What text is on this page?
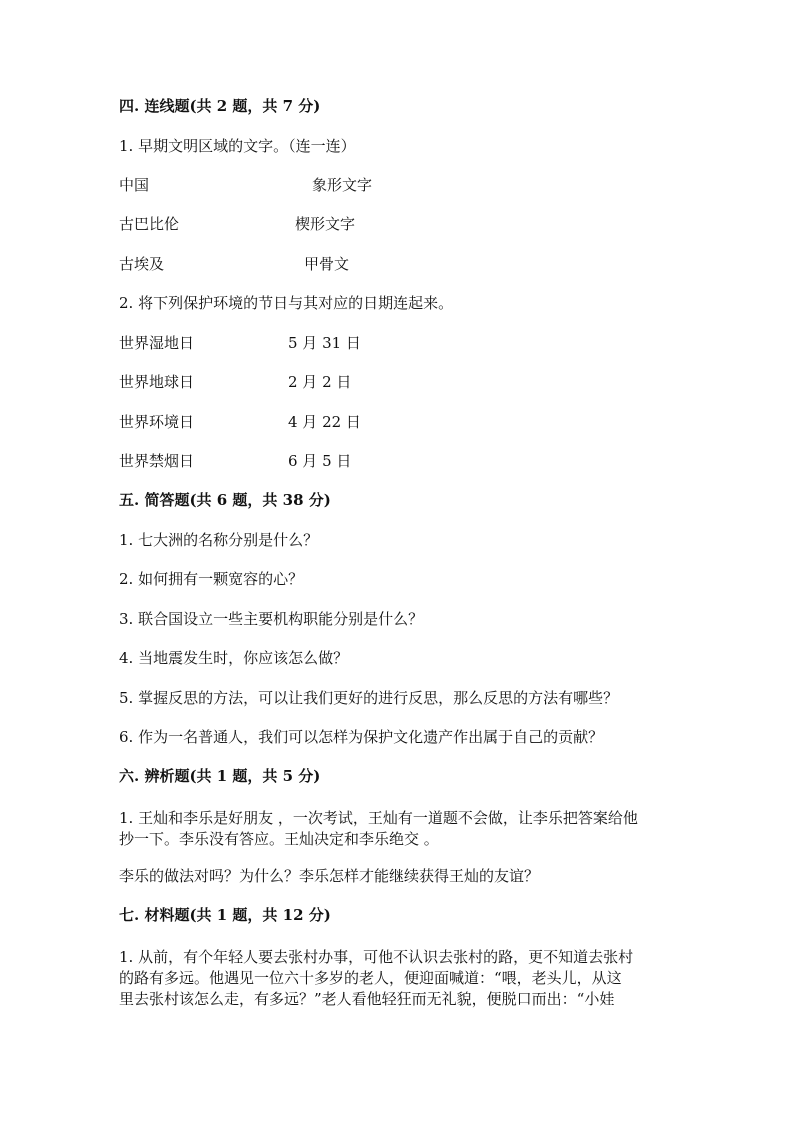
四. 连线题(共 2 题，共 7 分)
1. 早期文明区域的文字。（连一连）
中国	象形文字
古巴比伦	楔形文字
古埃及	甲骨文
2. 将下列保护环境的节日与其对应的日期连起来。
世界湿地日	5 月 31 日
世界地球日	2 月 2 日
世界环境日	4 月 22 日
世界禁烟日	6 月 5 日
五. 简答题(共 6 题，共 38 分)
1. 七大洲的名称分别是什么？
2. 如何拥有一颗宽容的心？
3. 联合国设立一些主要机构职能分别是什么？
4. 当地震发生时，你应该怎么做？
5. 掌握反思的方法，可以让我们更好的进行反思，那么反思的方法有哪些？
6. 作为一名普通人，我们可以怎样为保护文化遗产作出属于自己的贡献？
六. 辨析题(共 1 题，共 5 分)
1. 王灿和李乐是好朋友 ，一次考试，王灿有一道题不会做，让李乐把答案给他
抄一下。李乐没有答应。王灿决定和李乐绝交 。
李乐的做法对吗？为什么？李乐怎样才能继续获得王灿的友谊？
七. 材料题(共 1 题，共 12 分)
1. 从前，有个年轻人要去张村办事，可他不认识去张村的路，更不知道去张村
的路有多远。他遇见一位六十多岁的老人，便迎面喊道：“喂，老头儿，从这
里去张村该怎么走，有多远？”老人看他轻狂而无礼貌，便脱口而出：“小娃
